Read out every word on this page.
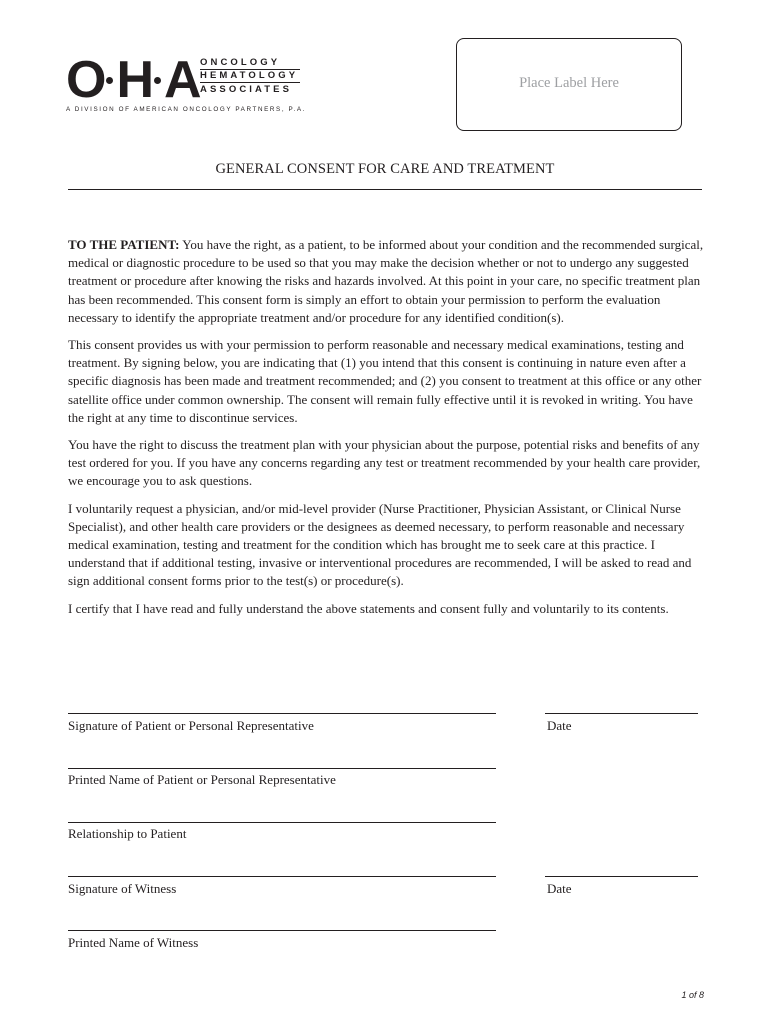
O H A ONCOLOGY
HEMATOLOGY
ASSOCIATES
A DIVISION OF AMERICAN ONCOLOGY PARTNERS, P.A.
Place Label Here
GENERAL CONSENT FOR CARE AND TREATMENT

TO THE PATIENT: You have the right, as a patient, to be informed about your condition and the recommended surgical, medical or diagnostic procedure to be used so that you may make the decision whether or not to undergo any suggested treatment or procedure after knowing the risks and hazards involved. At this point in your care, no specific treatment plan has been recommended. This consent form is simply an effort to obtain your permission to perform the evaluation necessary to identify the appropriate treatment and/or procedure for any identified condition(s).

This consent provides us with your permission to perform reasonable and necessary medical examinations, testing and treatment. By signing below, you are indicating that (1) you intend that this consent is continuing in nature even after a specific diagnosis has been made and treatment recommended; and (2) you consent to treatment at this office or any other satellite office under common ownership. The consent will remain fully effective until it is revoked in writing. You have the right at any time to discontinue services.

You have the right to discuss the treatment plan with your physician about the purpose, potential risks and benefits of any test ordered for you. If you have any concerns regarding any test or treatment recommended by your health care provider, we encourage you to ask questions.

I voluntarily request a physician, and/or mid-level provider (Nurse Practitioner, Physician Assistant, or Clinical Nurse Specialist), and other health care providers or the designees as deemed necessary, to perform reasonable and necessary medical examination, testing and treatment for the condition which has brought me to seek care at this practice. I understand that if additional testing, invasive or interventional procedures are recommended, I will be asked to read and sign additional consent forms prior to the test(s) or procedure(s).

I certify that I have read and fully understand the above statements and consent fully and voluntarily to its contents.

Signature of Patient or Personal Representative	Date
Printed Name of Patient or Personal Representative
Relationship to Patient
Signature of Witness	Date
Printed Name of Witness
1 of 8
